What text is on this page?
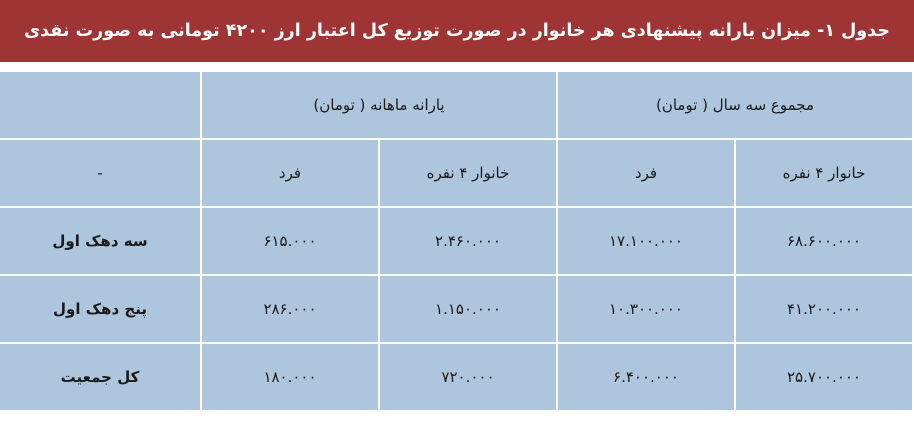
جدول ۱- میزان یارانه پیشنهادی هر خانوار در صورت توزیع کل اعتبار ارز ۴۲۰۰ تومانی به صورت نقدی
مجموع سه سال ( تومان)		یارانه ماهانه ( تومان)		
خانوار ۴ نفره	فرد	خانوار ۴ نفره	فرد	-
۶۸.۶۰۰.۰۰۰	۱۷.۱۰۰.۰۰۰	۲.۴۶۰.۰۰۰	۶۱۵.۰۰۰	سه دهک اول
۴۱.۲۰۰.۰۰۰	۱۰.۳۰۰.۰۰۰	۱.۱۵۰.۰۰۰	۲۸۶.۰۰۰	پنج دهک اول
۲۵.۷۰۰.۰۰۰	۶.۴۰۰.۰۰۰	۷۲۰.۰۰۰	۱۸۰.۰۰۰	کل جمعیت
